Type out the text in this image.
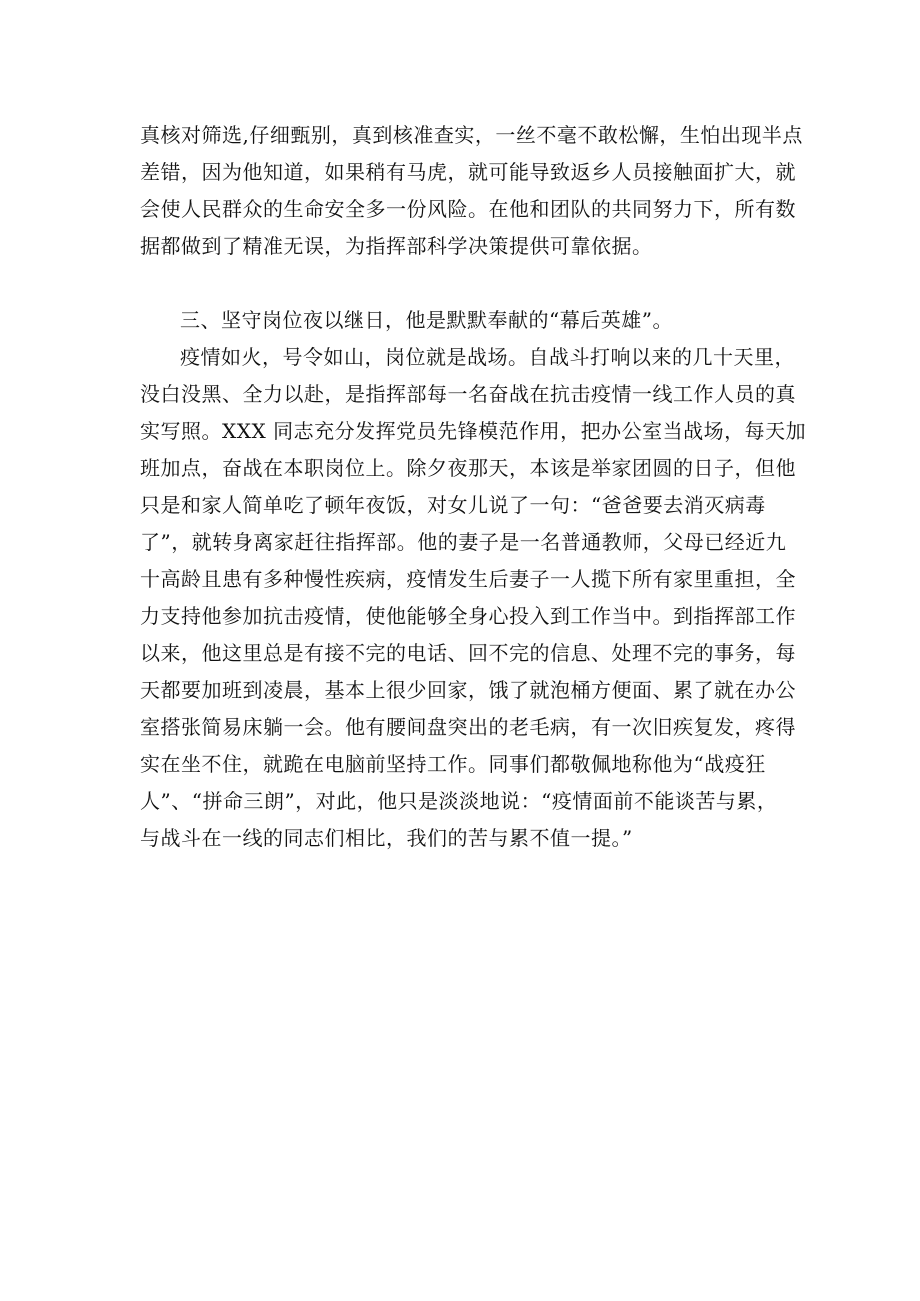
真核对筛选,仔细甄别，真到核准查实，一丝不毫不敢松懈，生怕出现半点
差错，因为他知道，如果稍有马虎，就可能导致返乡人员接触面扩大，就
会使人民群众的生命安全多一份风险。在他和团队的共同努力下，所有数
据都做到了精准无误，为指挥部科学决策提供可靠依据。
三、坚守岗位夜以继日，他是默默奉献的“幕后英雄”。
疫情如火，号令如山，岗位就是战场。自战斗打响以来的几十天里，
没白没黑、全力以赴，是指挥部每一名奋战在抗击疫情一线工作人员的真
实写照。XXX 同志充分发挥党员先锋模范作用，把办公室当战场，每天加
班加点，奋战在本职岗位上。除夕夜那天，本该是举家团圆的日子，但他
只是和家人简单吃了顿年夜饭，对女儿说了一句：“爸爸要去消灭病毒
了”，就转身离家赶往指挥部。他的妻子是一名普通教师，父母已经近九
十高龄且患有多种慢性疾病，疫情发生后妻子一人揽下所有家里重担，全
力支持他参加抗击疫情，使他能够全身心投入到工作当中。到指挥部工作
以来，他这里总是有接不完的电话、回不完的信息、处理不完的事务，每
天都要加班到凌晨，基本上很少回家，饿了就泡桶方便面、累了就在办公
室搭张简易床躺一会。他有腰间盘突出的老毛病，有一次旧疾复发，疼得
实在坐不住，就跪在电脑前坚持工作。同事们都敬佩地称他为“战疫狂
人”、“拼命三朗”，对此，他只是淡淡地说：“疫情面前不能谈苦与累，
与战斗在一线的同志们相比，我们的苦与累不值一提。”
